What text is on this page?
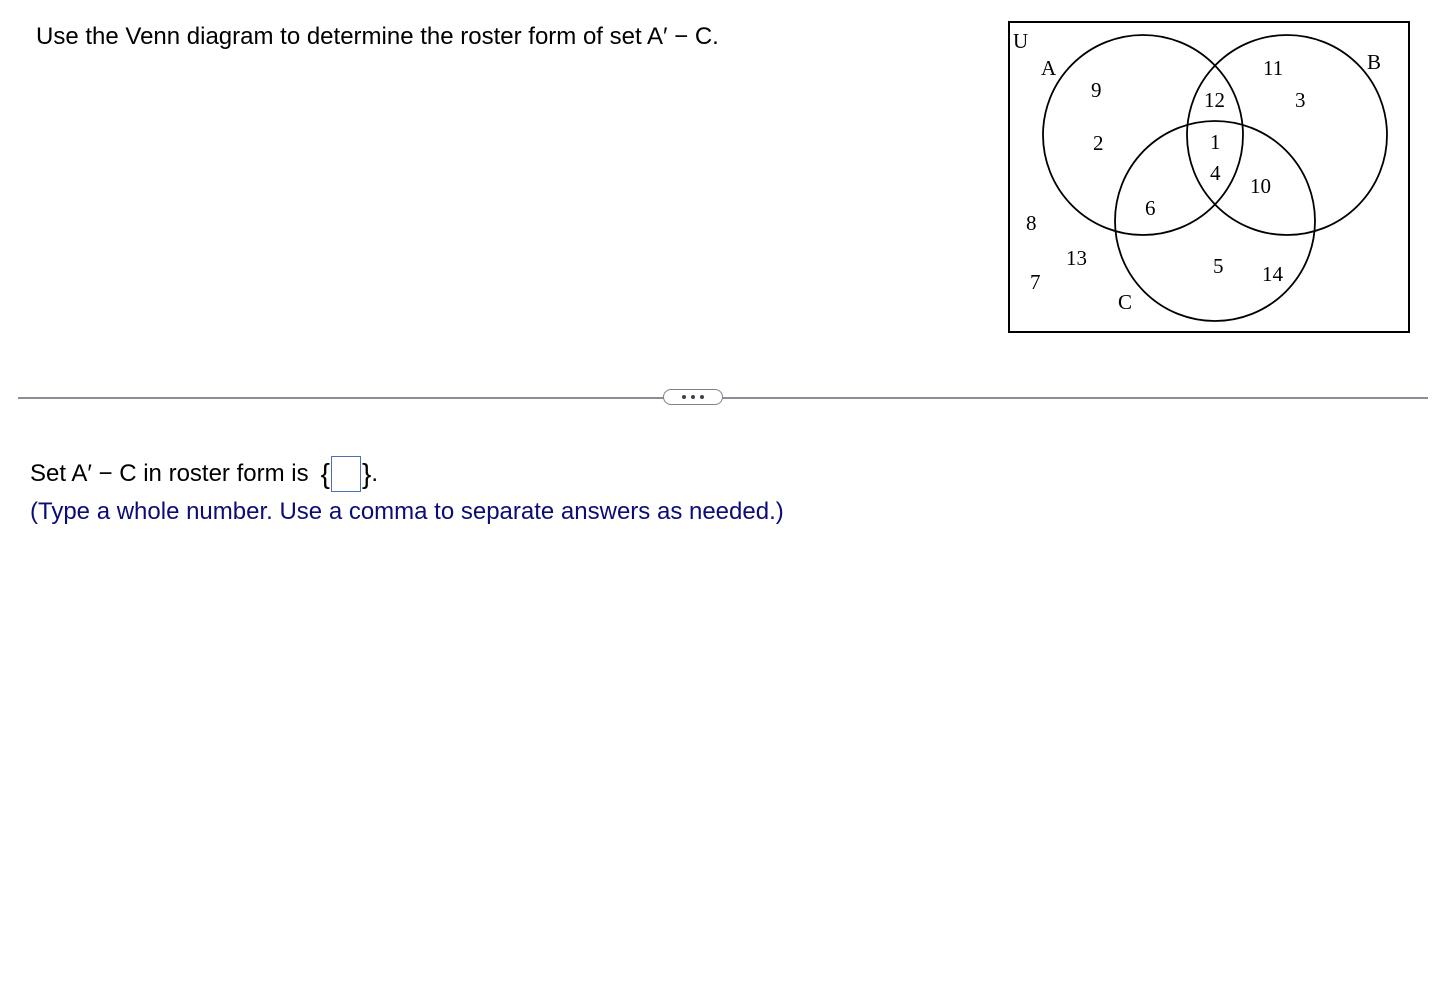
Use the Venn diagram to determine the roster form of set A′ − C.	U
A	B
C
9
2
12
1
4
6
11
3
10
5 14
8
7
13
Set A′ − C in roster form is { } .
(Type a whole number. Use a comma to separate answers as needed.)
